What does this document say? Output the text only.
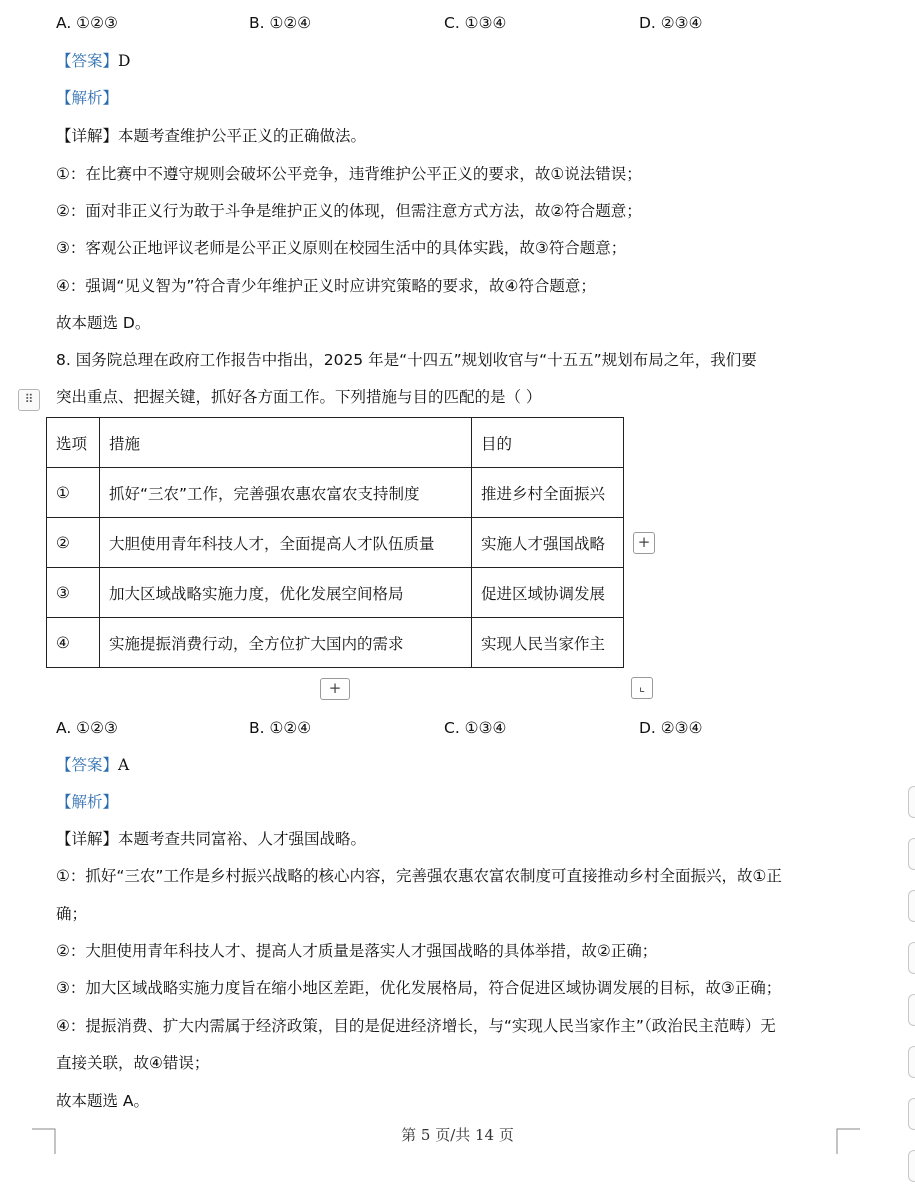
A. ①②③	B. ①②④	C. ①③④	D. ②③④
【答案】D
【解析】
【详解】本题考查维护公平正义的正确做法。
①：在比赛中不遵守规则会破坏公平竞争，违背维护公平正义的要求，故①说法错误；
②：面对非正义行为敢于斗争是维护正义的体现，但需注意方式方法，故②符合题意；
③：客观公正地评议老师是公平正义原则在校园生活中的具体实践，故③符合题意；
④：强调“见义智为”符合青少年维护正义时应讲究策略的要求，故④符合题意；
故本题选 D。
8. 国务院总理在政府工作报告中指出，2025 年是“十四五”规划收官与“十五五”规划布局之年，我们要
⠿	突出重点、把握关键，抓好各方面工作。下列措施与目的匹配的是（ ）
选项	措施	目的
①	抓好“三农”工作，完善强农惠农富农支持制度	推进乡村全面振兴
②	大胆使用青年科技人才，全面提高人才队伍质量	实施人才强国战略
③	加大区域战略实施力度，优化发展空间格局	促进区域协调发展
④	实施提振消费行动，全方位扩大国内的需求	实现人民当家作主
+
+	⌞
A. ①②③	B. ①②④	C. ①③④	D. ②③④
【答案】A
【解析】
【详解】本题考查共同富裕、人才强国战略。
①：抓好“三农”工作是乡村振兴战略的核心内容，完善强农惠农富农制度可直接推动乡村全面振兴，故①正
确；
②：大胆使用青年科技人才、提高人才质量是落实人才强国战略的具体举措，故②正确；
③：加大区域战略实施力度旨在缩小地区差距，优化发展格局，符合促进区域协调发展的目标，故③正确；
④：提振消费、扩大内需属于经济政策，目的是促进经济增长，与“实现人民当家作主”（政治民主范畴）无
直接关联，故④错误；
故本题选 A。
第 5 页/共 14 页
